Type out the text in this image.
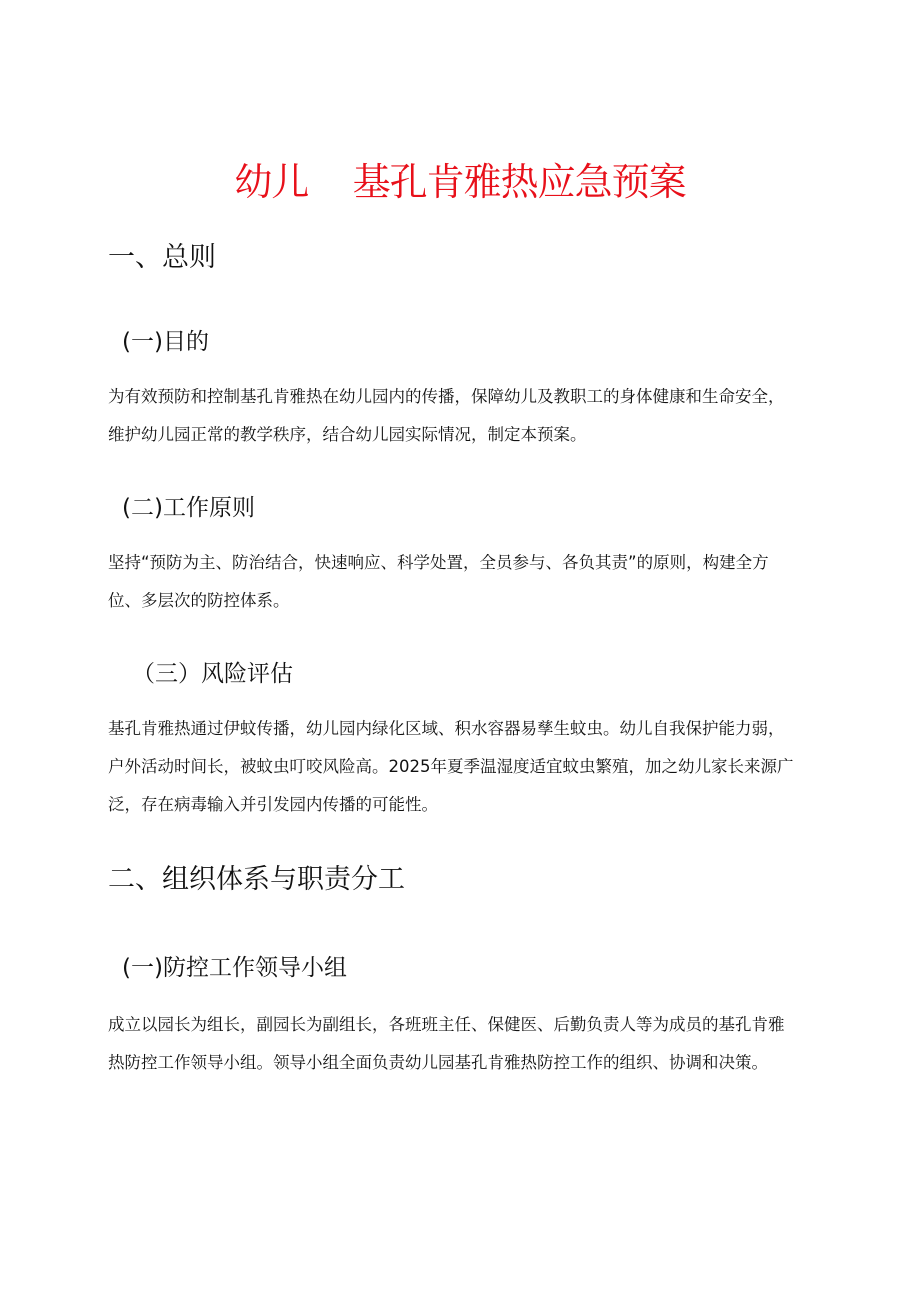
幼儿    基孔肯雅热应急预案
一、总则
(一)目的
为有效预防和控制基孔肯雅热在幼儿园内的传播，保障幼儿及教职工的身体健康和生命安全，
维护幼儿园正常的教学秩序，结合幼儿园实际情况，制定本预案。
(二)工作原则
坚持“预防为主、防治结合，快速响应、科学处置，全员参与、各负其责”的原则，构建全方
位、多层次的防控体系。
（三）风险评估
基孔肯雅热通过伊蚊传播，幼儿园内绿化区域、积水容器易孳生蚊虫。幼儿自我保护能力弱，
户外活动时间长，被蚊虫叮咬风险高。2025年夏季温湿度适宜蚊虫繁殖，加之幼儿家长来源广
泛，存在病毒输入并引发园内传播的可能性。
二、组织体系与职责分工
(一)防控工作领导小组
成立以园长为组长，副园长为副组长，各班班主任、保健医、后勤负责人等为成员的基孔肯雅
热防控工作领导小组。领导小组全面负责幼儿园基孔肯雅热防控工作的组织、协调和决策。
